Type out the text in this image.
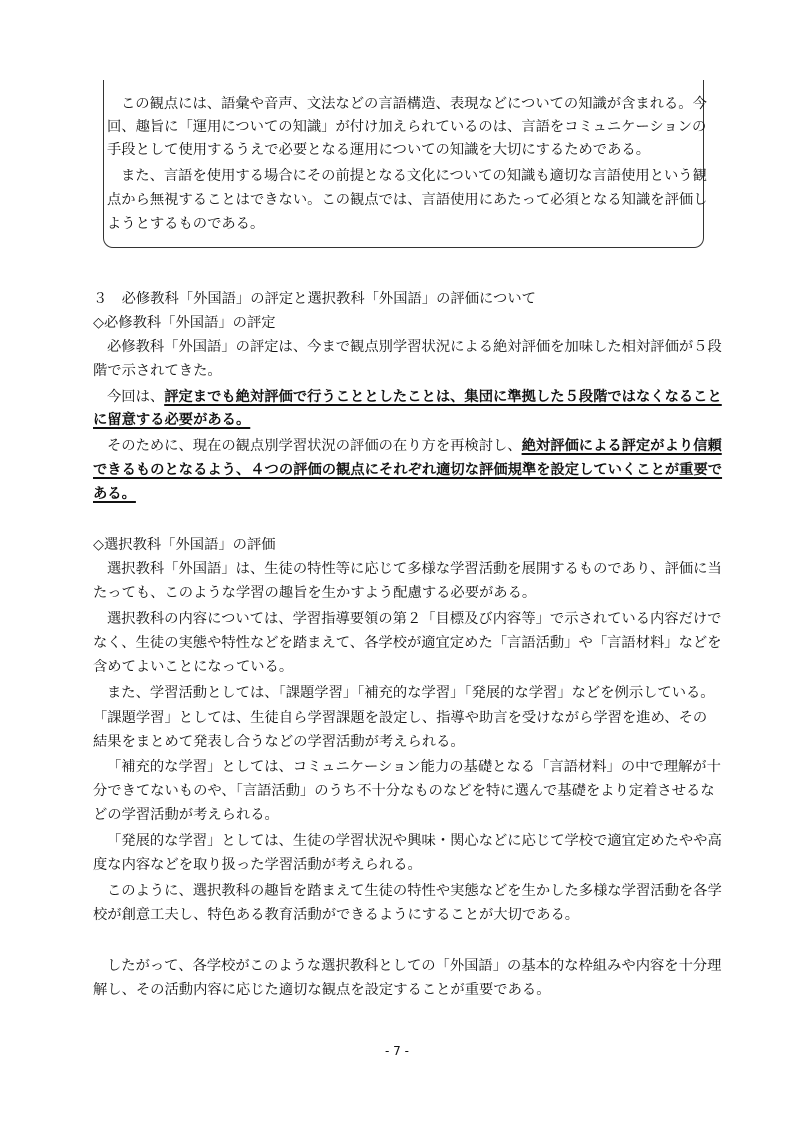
この観点には、語彙や音声、文法などの言語構造、表現などについての知識が含まれる。今
回、趣旨に「運用についての知識」が付け加えられているのは、言語をコミュニケーションの
手段として使用するうえで必要となる運用についての知識を大切にするためである。
また、言語を使用する場合にその前提となる文化についての知識も適切な言語使用という観
点から無視することはできない。この観点では、言語使用にあたって必須となる知識を評価し
ようとするものである。
３　必修教科「外国語」の評定と選択教科「外国語」の評価について
◇必修教科「外国語」の評定
必修教科「外国語」の評定は、今まで観点別学習状況による絶対評価を加味した相対評価が５段
階で示されてきた。
今回は、評定までも絶対評価で行うこととしたことは、集団に準拠した５段階ではなくなること
に留意する必要がある。
そのために、現在の観点別学習状況の評価の在り方を再検討し、絶対評価による評定がより信頼
できるものとなるよう、４つの評価の観点にそれぞれ適切な評価規準を設定していくことが重要で
ある。
◇選択教科「外国語」の評価
選択教科「外国語」は、生徒の特性等に応じて多様な学習活動を展開するものであり、評価に当
たっても、このような学習の趣旨を生かすよう配慮する必要がある。
選択教科の内容については、学習指導要領の第２「目標及び内容等」で示されている内容だけで
なく、生徒の実態や特性などを踏まえて、各学校が適宜定めた「言語活動」や「言語材料」などを
含めてよいことになっている。
また、学習活動としては、「課題学習」「補充的な学習」「発展的な学習」などを例示している。
「課題学習」としては、生徒自ら学習課題を設定し、指導や助言を受けながら学習を進め、その
結果をまとめて発表し合うなどの学習活動が考えられる。
「補充的な学習」としては、コミュニケーション能力の基礎となる「言語材料」の中で理解が十
分できてないものや、「言語活動」のうち不十分なものなどを特に選んで基礎をより定着させるな
どの学習活動が考えられる。
「発展的な学習」としては、生徒の学習状況や興味・関心などに応じて学校で適宜定めたやや高
度な内容などを取り扱った学習活動が考えられる。
このように、選択教科の趣旨を踏まえて生徒の特性や実態などを生かした多様な学習活動を各学
校が創意工夫し、特色ある教育活動ができるようにすることが大切である。
したがって、各学校がこのような選択教科としての「外国語」の基本的な枠組みや内容を十分理
解し、その活動内容に応じた適切な観点を設定することが重要である。
- 7 -
